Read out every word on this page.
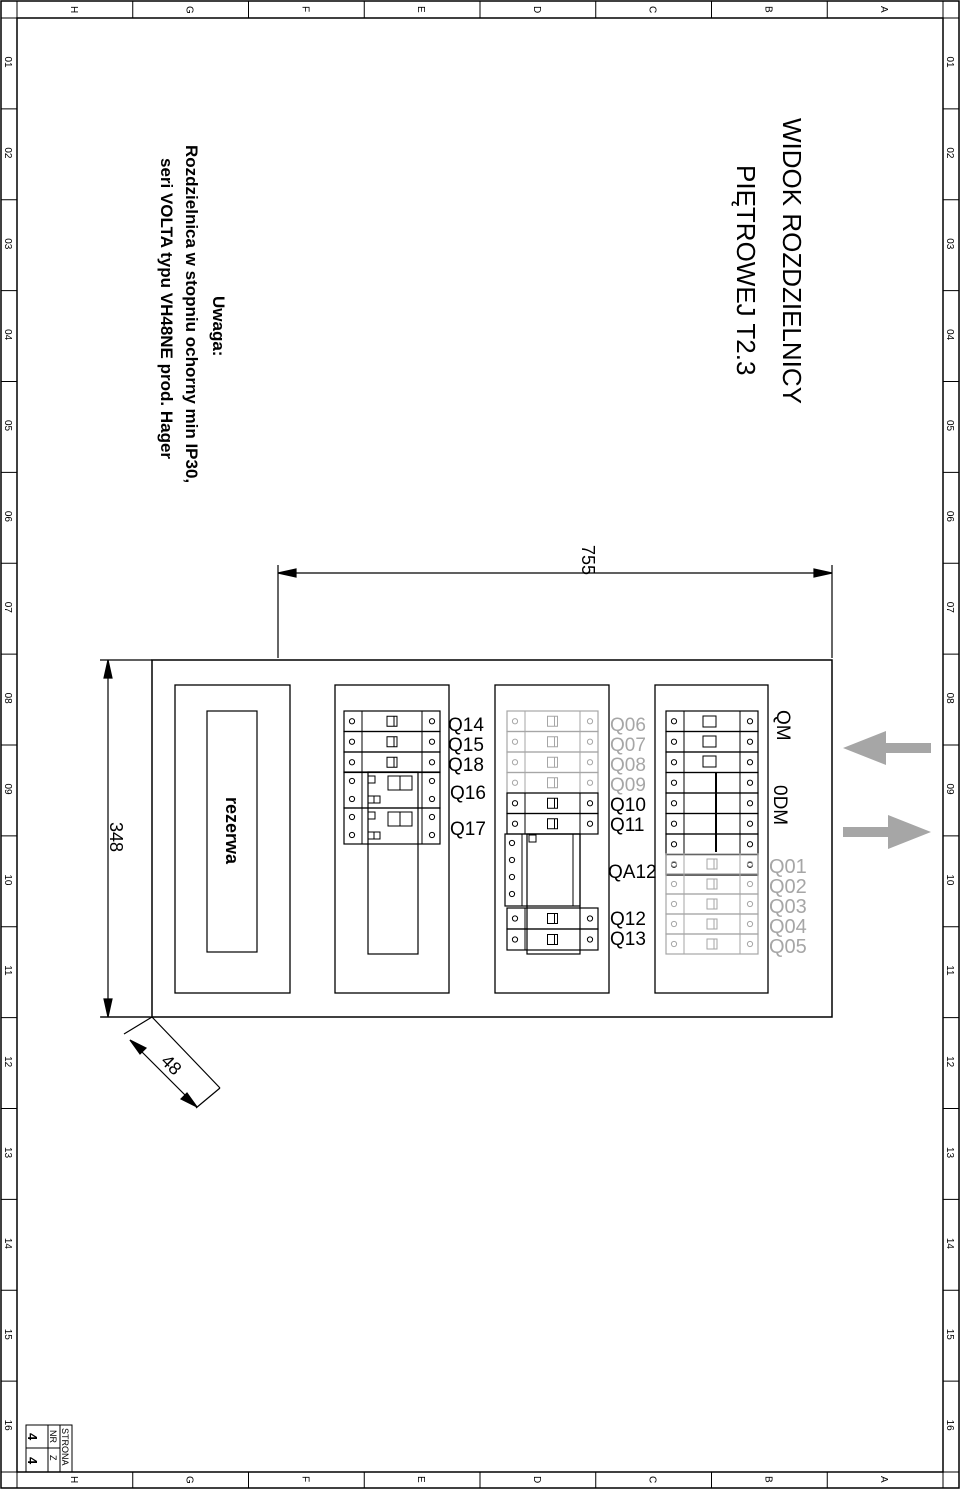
H
H
G
G
F
F
E
E
D
D
C
C
B
B
A
A
01	01
02	02
03	03
04	04
05	05
06	06
07	07
08	08
09	09
10	10
11	11
12	12
13	13
14	14
15	15
16	16
WIDOK ROZDZIELNICY
PIĘTROWEJ T2.3
Uwaga:
Rozdzielnica w stopniu ochorny min IP30,
seri VOLTA typu VH48NE prod. Hager
755
348
48
QM
0DM
Q01
Q02
Q03
Q04
Q05
Q06
Q07
Q08
Q09
Q10
Q11
QA12
Q12
Q13
Q14
Q15
Q18
Q16
Q17
rezerwa
STRONA
NR
Z
4
4
